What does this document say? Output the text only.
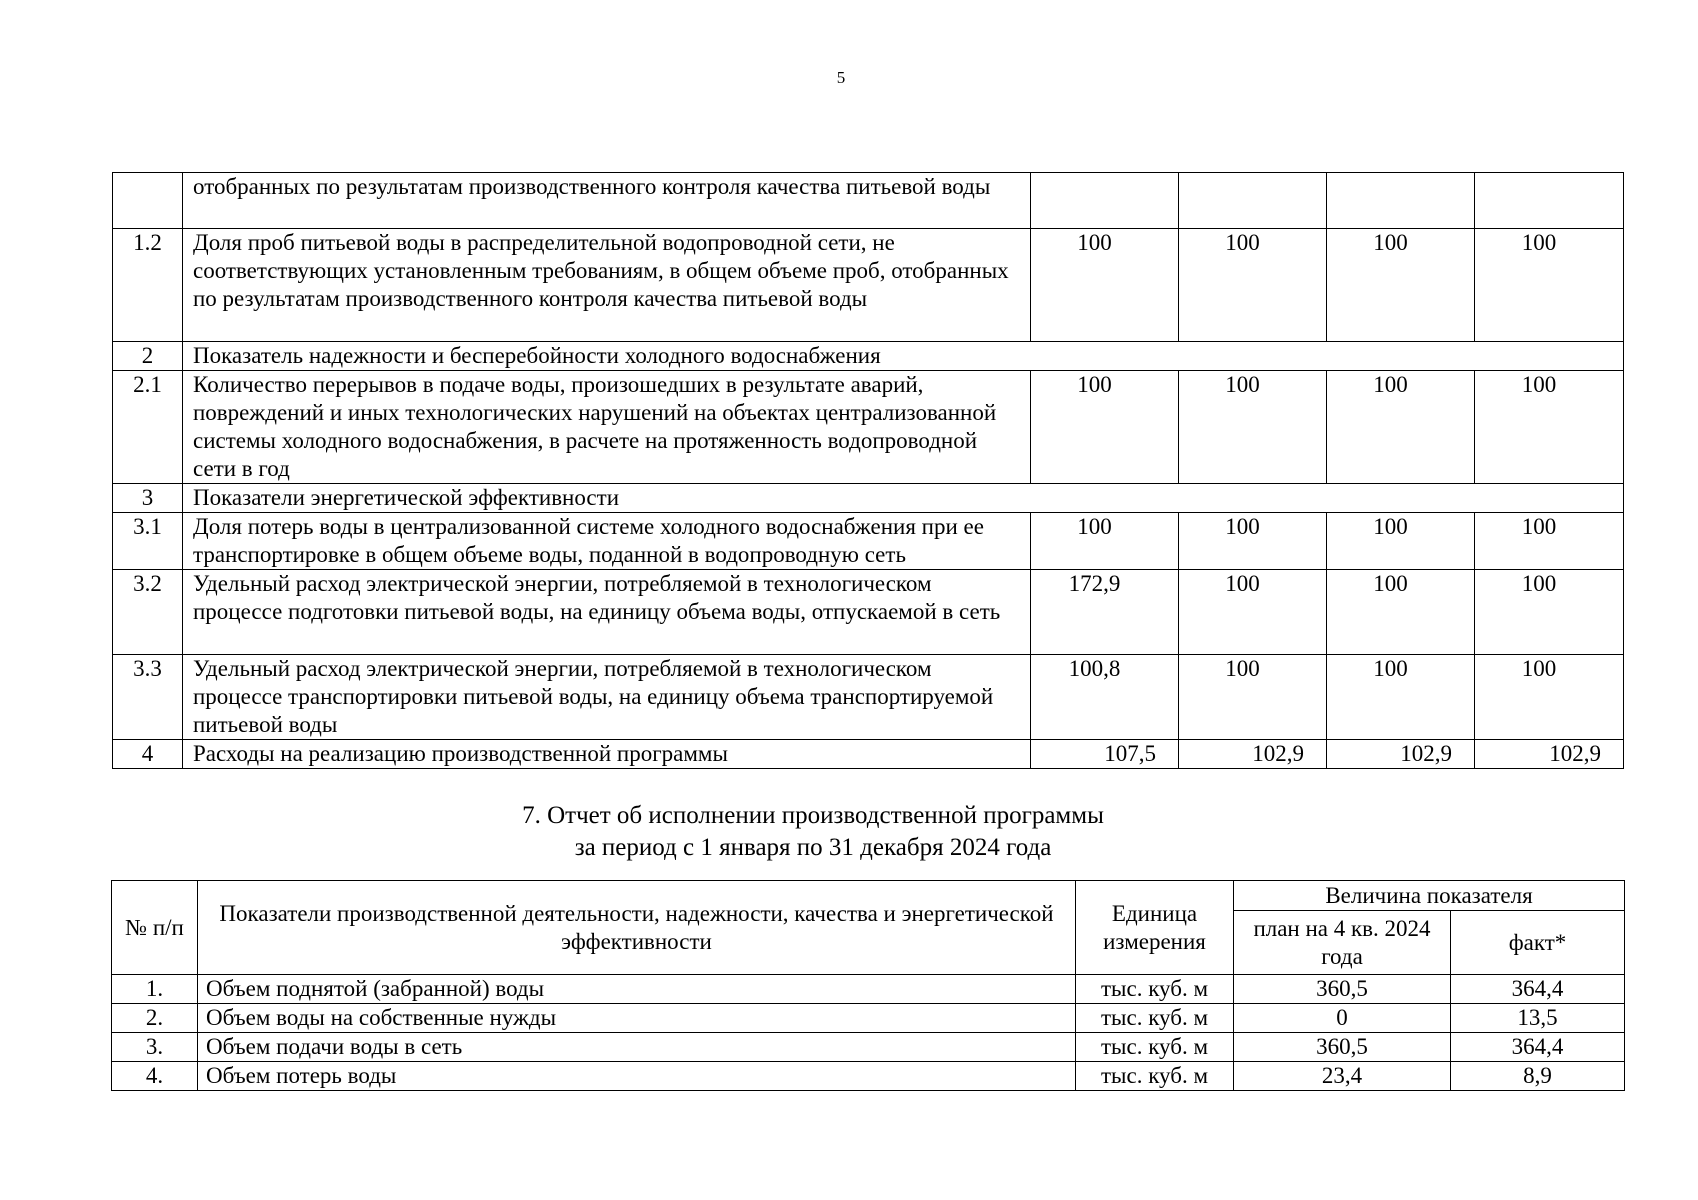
5
	отобранных по результатам производственного контроля качества питьевой воды				
1.2	Доля проб питьевой воды в распределительной водопроводной сети, не соответствующих установленным требованиям, в общем объеме проб, отобранных по результатам производственного контроля качества питьевой воды	100	100	100	100
2	Показатель надежности и бесперебойности холодного водоснабжения				
2.1	Количество перерывов в подаче воды, произошедших в результате аварий, повреждений и иных технологических нарушений на объектах централизованной системы холодного водоснабжения, в расчете на протяженность водопроводной сети в год	100	100	100	100
3	Показатели энергетической эффективности				
3.1	Доля потерь воды в централизованной системе холодного водоснабжения при ее транспортировке в общем объеме воды, поданной в водопроводную сеть	100	100	100	100
3.2	Удельный расход электрической энергии, потребляемой в технологическом процессе подготовки питьевой воды, на единицу объема воды, отпускаемой в сеть	172,9	100	100	100
3.3	Удельный расход электрической энергии, потребляемой в технологическом процессе транспортировки питьевой воды, на единицу объема транспортируемой питьевой воды	100,8	100	100	100
4	Расходы на реализацию производственной программы	107,5	102,9	102,9	102,9
7. Отчет об исполнении производственной программы
за период с 1 января по 31 декабря 2024 года
№ п/п	Показатели производственной деятельности, надежности, качества и энергетической эффективности	Единица измерения	Величина показателя	
			план на 4 кв. 2024 года	факт*
1.	Объем поднятой (забранной) воды	тыс. куб. м	360,5	364,4
2.	Объем воды на собственные нужды	тыс. куб. м	0	13,5
3.	Объем подачи воды в сеть	тыс. куб. м	360,5	364,4
4.	Объем потерь воды	тыс. куб. м	23,4	8,9
